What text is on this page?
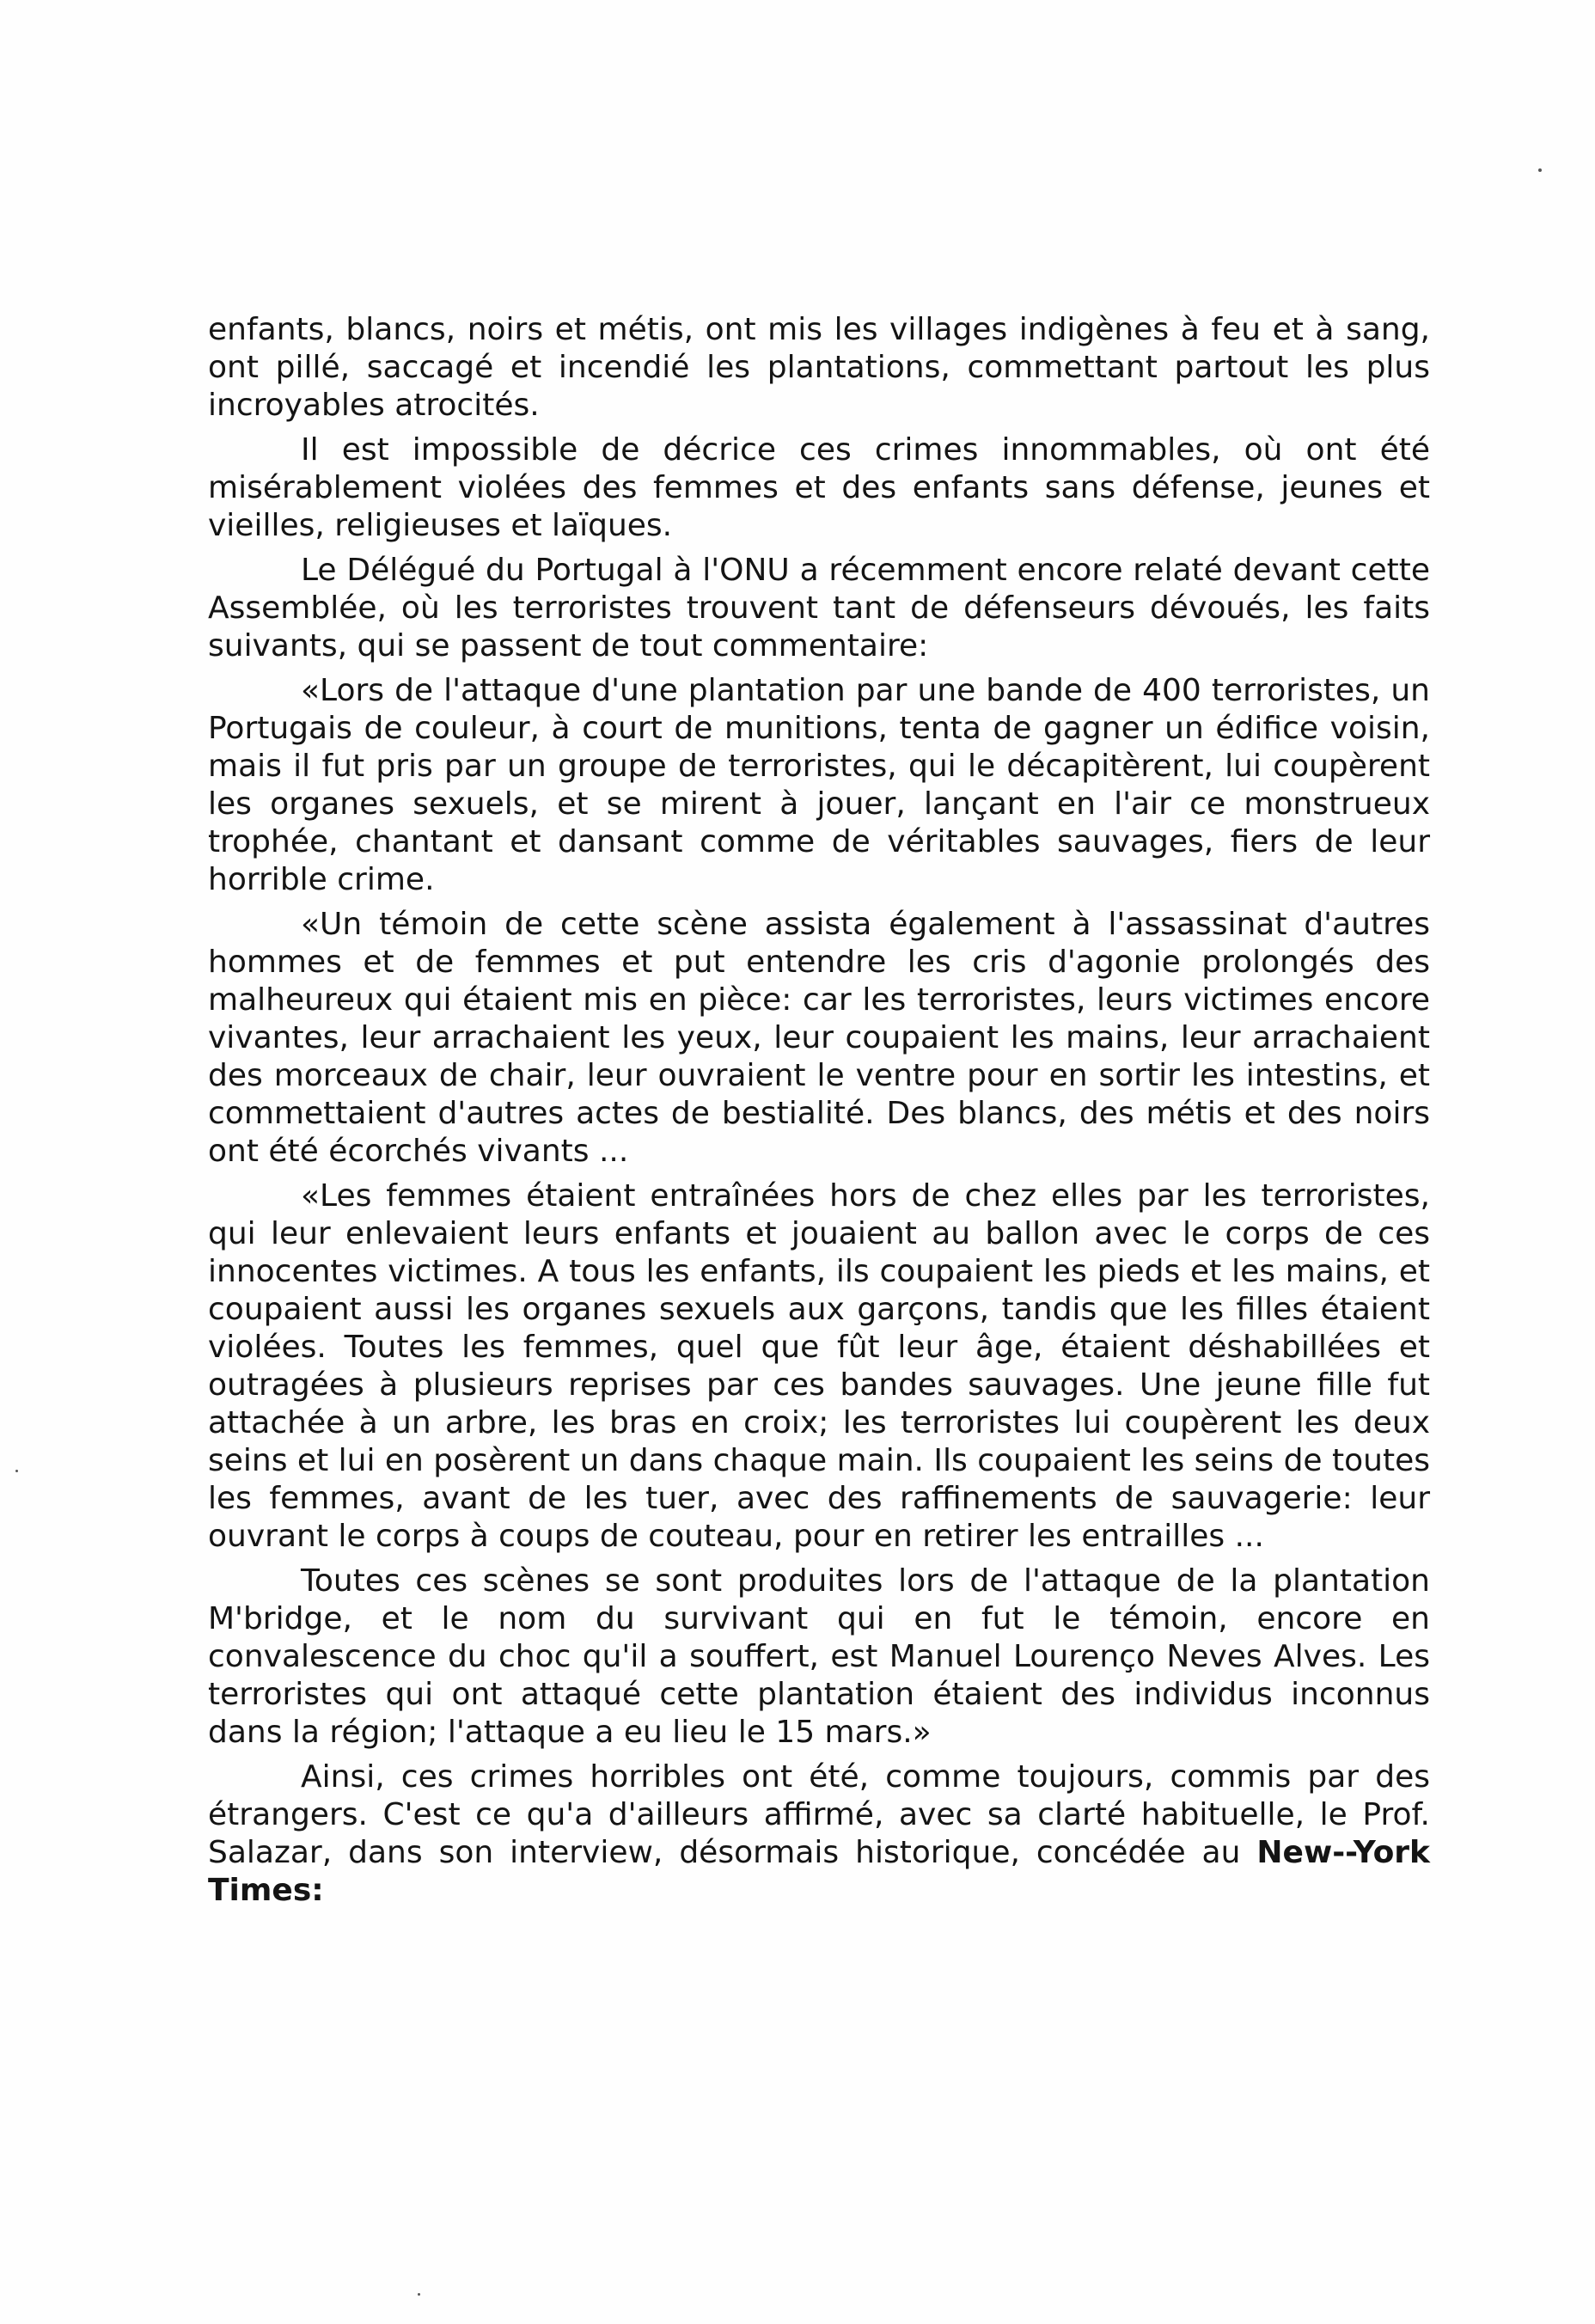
enfants, blancs, noirs et métis, ont mis les villages indigènes à feu et à sang, ont pillé, saccagé et incendié les plantations, commettant partout les plus incroyables atrocités.

Il est impossible de décrice ces crimes innommables, où ont été misérablement violées des femmes et des enfants sans défense, jeunes et vieilles, religieuses et laïques.

Le Délégué du Portugal à l'ONU a récemment encore relaté devant cette Assemblée, où les terroristes trouvent tant de défenseurs dévoués, les faits suivants, qui se passent de tout commentaire:

«Lors de l'attaque d'une plantation par une bande de 400 terroristes, un Portugais de couleur, à court de munitions, tenta de gagner un édifice voisin, mais il fut pris par un groupe de terroristes, qui le décapitèrent, lui coupèrent les organes sexuels, et se mirent à jouer, lançant en l'air ce monstrueux trophée, chantant et dansant comme de véritables sauvages, fiers de leur horrible crime.

«Un témoin de cette scène assista également à l'assassinat d'autres hommes et de femmes et put entendre les cris d'agonie prolongés des malheureux qui étaient mis en pièce: car les terroristes, leurs victimes encore vivantes, leur arrachaient les yeux, leur coupaient les mains, leur arrachaient des morceaux de chair, leur ouvraient le ventre pour en sortir les intestins, et commettaient d'autres actes de bestialité. Des blancs, des métis et des noirs ont été écorchés vivants ...

«Les femmes étaient entraînées hors de chez elles par les terroristes, qui leur enlevaient leurs enfants et jouaient au ballon avec le corps de ces innocentes victimes. A tous les enfants, ils coupaient les pieds et les mains, et coupaient aussi les organes sexuels aux garçons, tandis que les filles étaient violées. Toutes les femmes, quel que fût leur âge, étaient déshabillées et outragées à plusieurs reprises par ces bandes sauvages. Une jeune fille fut attachée à un arbre, les bras en croix; les terroristes lui coupèrent les deux seins et lui en posèrent un dans chaque main. Ils coupaient les seins de toutes les femmes, avant de les tuer, avec des raffinements de sauvagerie: leur ouvrant le corps à coups de couteau, pour en retirer les entrailles ...

Toutes ces scènes se sont produites lors de l'attaque de la plantation M'bridge, et le nom du survivant qui en fut le témoin, encore en convalescence du choc qu'il a souffert, est Manuel Lourenço Neves Alves. Les terroristes qui ont attaqué cette plantation étaient des individus inconnus dans la région; l'attaque a eu lieu le 15 mars.»

Ainsi, ces crimes horribles ont été, comme toujours, commis par des étrangers. C'est ce qu'a d'ailleurs affirmé, avec sa clarté habituelle, le Prof. Salazar, dans son interview, désormais historique, concédée au New--York Times:
